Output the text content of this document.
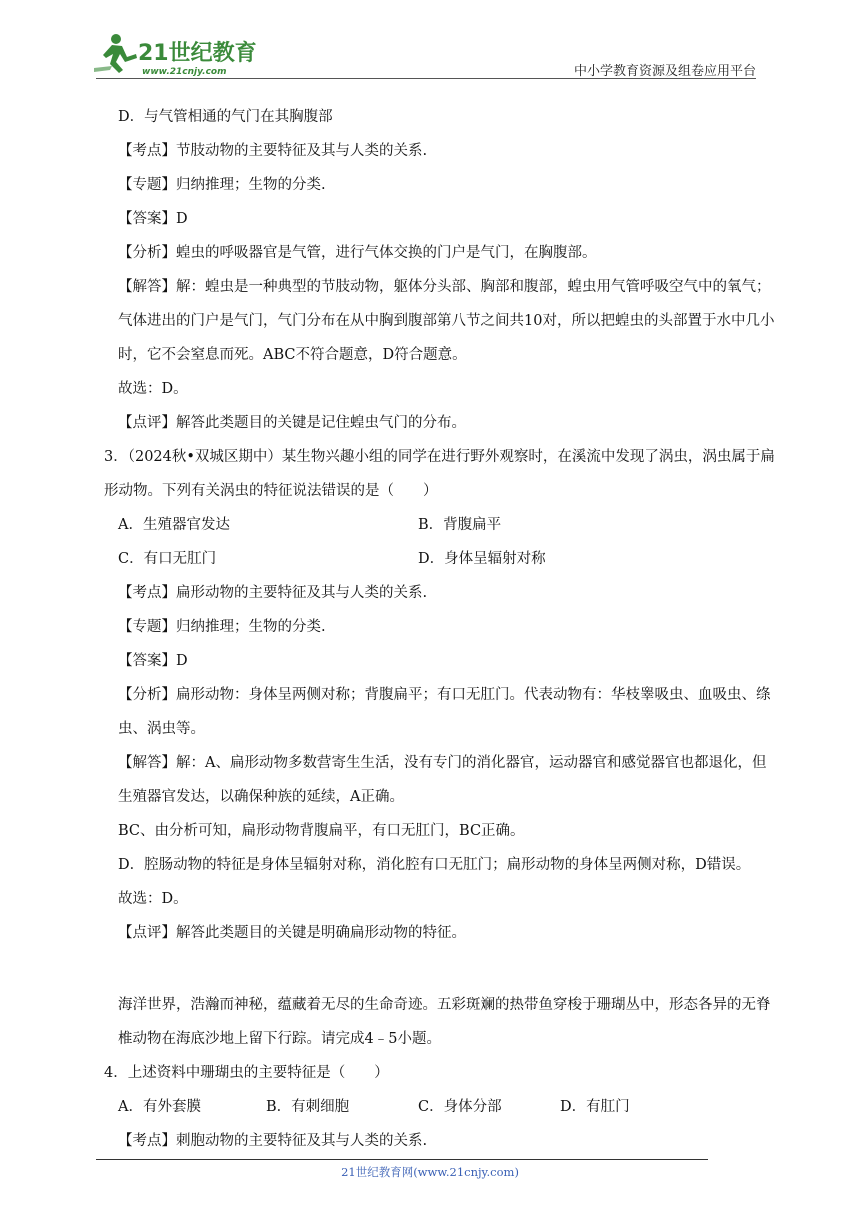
21世纪教育
www.21cnjy.com	中小学教育资源及组卷应用平台

D．与气管相通的气门在其胸腹部

【考点】节肢动物的主要特征及其与人类的关系.

【专题】归纳推理；生物的分类.

【答案】D

【分析】蝗虫的呼吸器官是气管，进行气体交换的门户是气门，在胸腹部。

【解答】解：蝗虫是一种典型的节肢动物，躯体分头部、胸部和腹部，蝗虫用气管呼吸空气中的氧气；气体进出的门户是气门，气门分布在从中胸到腹部第八节之间共10对，所以把蝗虫的头部置于水中几小时，它不会窒息而死。ABC不符合题意，D符合题意。

故选：D。

【点评】解答此类题目的关键是记住蝗虫气门的分布。

3．（2024秋•双城区期中）某生物兴趣小组的同学在进行野外观察时，在溪流中发现了涡虫，涡虫属于扁形动物。下列有关涡虫的特征说法错误的是（　　）

A．生殖器官发达	B．背腹扁平
C．有口无肛门	D．身体呈辐射对称

【考点】扁形动物的主要特征及其与人类的关系.

【专题】归纳推理；生物的分类.

【答案】D

【分析】扁形动物：身体呈两侧对称；背腹扁平；有口无肛门。代表动物有：华枝睾吸虫、血吸虫、绦虫、涡虫等。

【解答】解：A、扁形动物多数营寄生生活，没有专门的消化器官，运动器官和感觉器官也都退化，但生殖器官发达，以确保种族的延续，A正确。

BC、由分析可知，扁形动物背腹扁平，有口无肛门，BC正确。

D．腔肠动物的特征是身体呈辐射对称，消化腔有口无肛门；扁形动物的身体呈两侧对称，D错误。

故选：D。

【点评】解答此类题目的关键是明确扁形动物的特征。

海洋世界，浩瀚而神秘，蕴藏着无尽的生命奇迹。五彩斑斓的热带鱼穿梭于珊瑚丛中，形态各异的无脊椎动物在海底沙地上留下行踪。请完成4﹣5小题。

4．上述资料中珊瑚虫的主要特征是（　　）

A．有外套膜	B．有刺细胞	C．身体分部	D．有肛门

【考点】刺胞动物的主要特征及其与人类的关系.

21世纪教育网(www.21cnjy.com)
